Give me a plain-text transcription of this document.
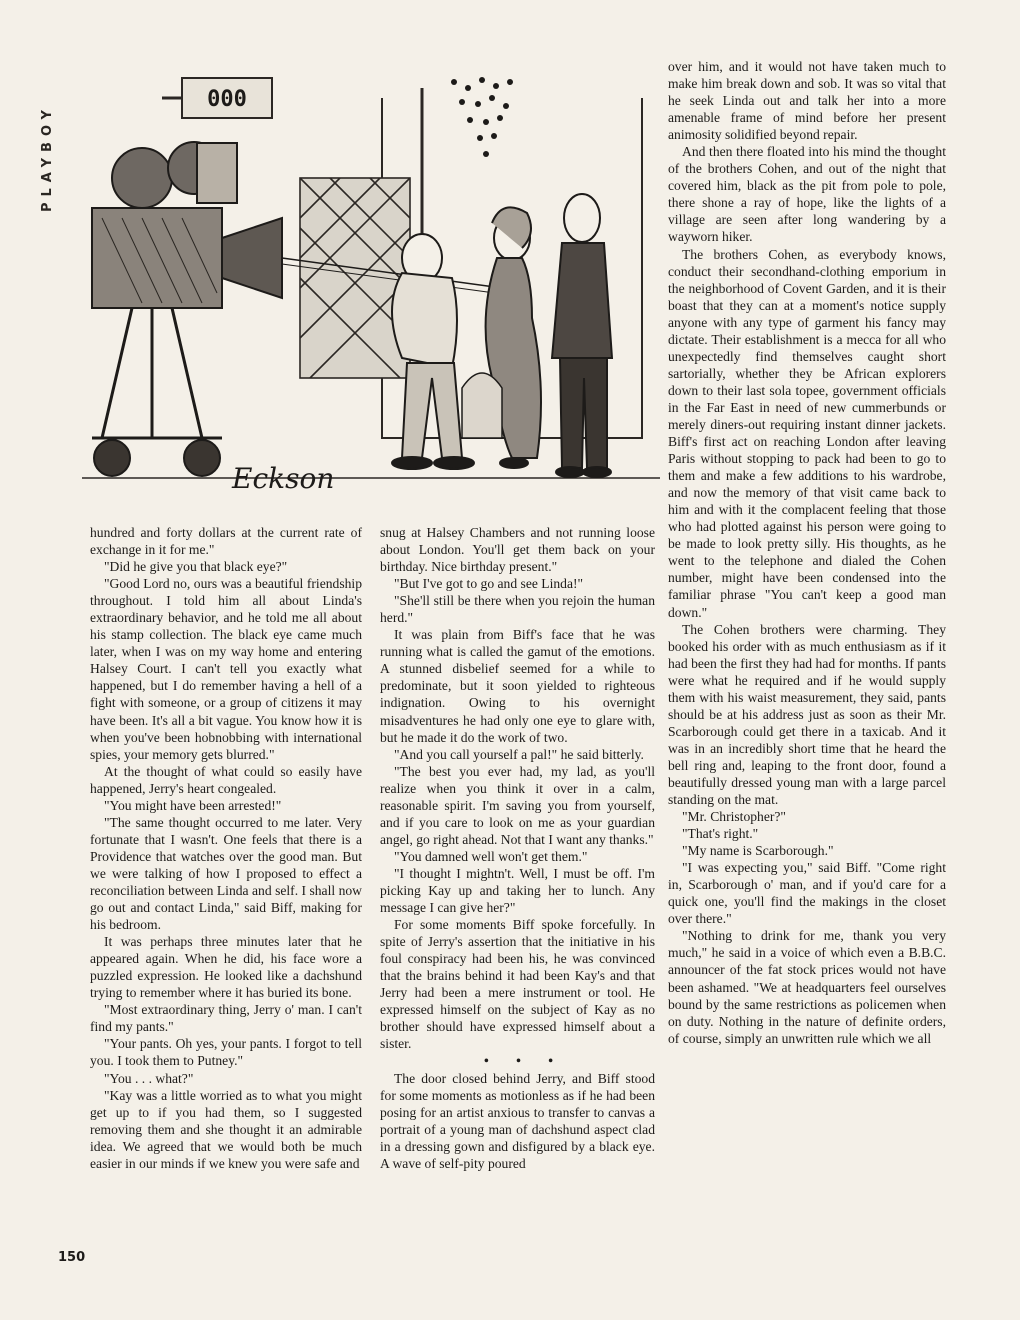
PLAYBOY
000
Eckson

hundred and forty dollars at the current rate of exchange in it for me."

"Did he give you that black eye?"

"Good Lord no, ours was a beautiful friendship throughout. I told him all about Linda's extraordinary behavior, and he told me all about his stamp collection. The black eye came much later, when I was on my way home and entering Halsey Court. I can't tell you exactly what happened, but I do remember having a hell of a fight with someone, or a group of citizens it may have been. It's all a bit vague. You know how it is when you've been hobnobbing with international spies, your memory gets blurred."

At the thought of what could so easily have happened, Jerry's heart congealed.

"You might have been arrested!"

"The same thought occurred to me later. Very fortunate that I wasn't. One feels that there is a Providence that watches over the good man. But we were talking of how I proposed to effect a reconciliation between Linda and self. I shall now go out and contact Linda," said Biff, making for his bedroom.

It was perhaps three minutes later that he appeared again. When he did, his face wore a puzzled expression. He looked like a dachshund trying to remember where it has buried its bone.

"Most extraordinary thing, Jerry o' man. I can't find my pants."

"Your pants. Oh yes, your pants. I forgot to tell you. I took them to Putney."

"You . . . what?"

"Kay was a little worried as to what you might get up to if you had them, so I suggested removing them and she thought it an admirable idea. We agreed that we would both be much easier in our minds if we knew you were safe and

snug at Halsey Chambers and not running loose about London. You'll get them back on your birthday. Nice birthday present."

"But I've got to go and see Linda!"

"She'll still be there when you rejoin the human herd."

It was plain from Biff's face that he was running what is called the gamut of the emotions. A stunned disbelief seemed for a while to predominate, but it soon yielded to righteous indignation. Owing to his overnight misadventures he had only one eye to glare with, but he made it do the work of two.

"And you call yourself a pal!" he said bitterly.

"The best you ever had, my lad, as you'll realize when you think it over in a calm, reasonable spirit. I'm saving you from yourself, and if you care to look on me as your guardian angel, go right ahead. Not that I want any thanks."

"You damned well won't get them."

"I thought I mightn't. Well, I must be off. I'm picking Kay up and taking her to lunch. Any message I can give her?"

For some moments Biff spoke forcefully. In spite of Jerry's assertion that the initiative in his foul conspiracy had been his, he was convinced that the brains behind it had been Kay's and that Jerry had been a mere instrument or tool. He expressed himself on the subject of Kay as no brother should have expressed himself about a sister.

• • •

The door closed behind Jerry, and Biff stood for some moments as motionless as if he had been posing for an artist anxious to transfer to canvas a portrait of a young man of dachshund aspect clad in a dressing gown and disfigured by a black eye. A wave of self-pity poured

over him, and it would not have taken much to make him break down and sob. It was so vital that he seek Linda out and talk her into a more amenable frame of mind before her present animosity solidified beyond repair.

And then there floated into his mind the thought of the brothers Cohen, and out of the night that covered him, black as the pit from pole to pole, there shone a ray of hope, like the lights of a village are seen after long wandering by a wayworn hiker.

The brothers Cohen, as everybody knows, conduct their secondhand-clothing emporium in the neighborhood of Covent Garden, and it is their boast that they can at a moment's notice supply anyone with any type of garment his fancy may dictate. Their establishment is a mecca for all who unexpectedly find themselves caught short sartorially, whether they be African explorers down to their last sola topee, government officials in the Far East in need of new cummerbunds or merely diners-out requiring instant dinner jackets. Biff's first act on reaching London after leaving Paris without stopping to pack had been to go to them and make a few additions to his wardrobe, and now the memory of that visit came back to him and with it the complacent feeling that those who had plotted against his person were going to be made to look pretty silly. His thoughts, as he went to the telephone and dialed the Cohen number, might have been condensed into the familiar phrase "You can't keep a good man down."

The Cohen brothers were charming. They booked his order with as much enthusiasm as if it had been the first they had had for months. If pants were what he required and if he would supply them with his waist measurement, they said, pants should be at his address just as soon as their Mr. Scarborough could get there in a taxicab. And it was in an incredibly short time that he heard the bell ring and, leaping to the front door, found a beautifully dressed young man with a large parcel standing on the mat.

"Mr. Christopher?"

"That's right."

"My name is Scarborough."

"I was expecting you," said Biff. "Come right in, Scarborough o' man, and if you'd care for a quick one, you'll find the makings in the closet over there."

"Nothing to drink for me, thank you very much," he said in a voice of which even a B.B.C. announcer of the fat stock prices would not have been ashamed. "We at headquarters feel ourselves bound by the same restrictions as policemen when on duty. Nothing in the nature of definite orders, of course, simply an unwritten rule which we all

150
